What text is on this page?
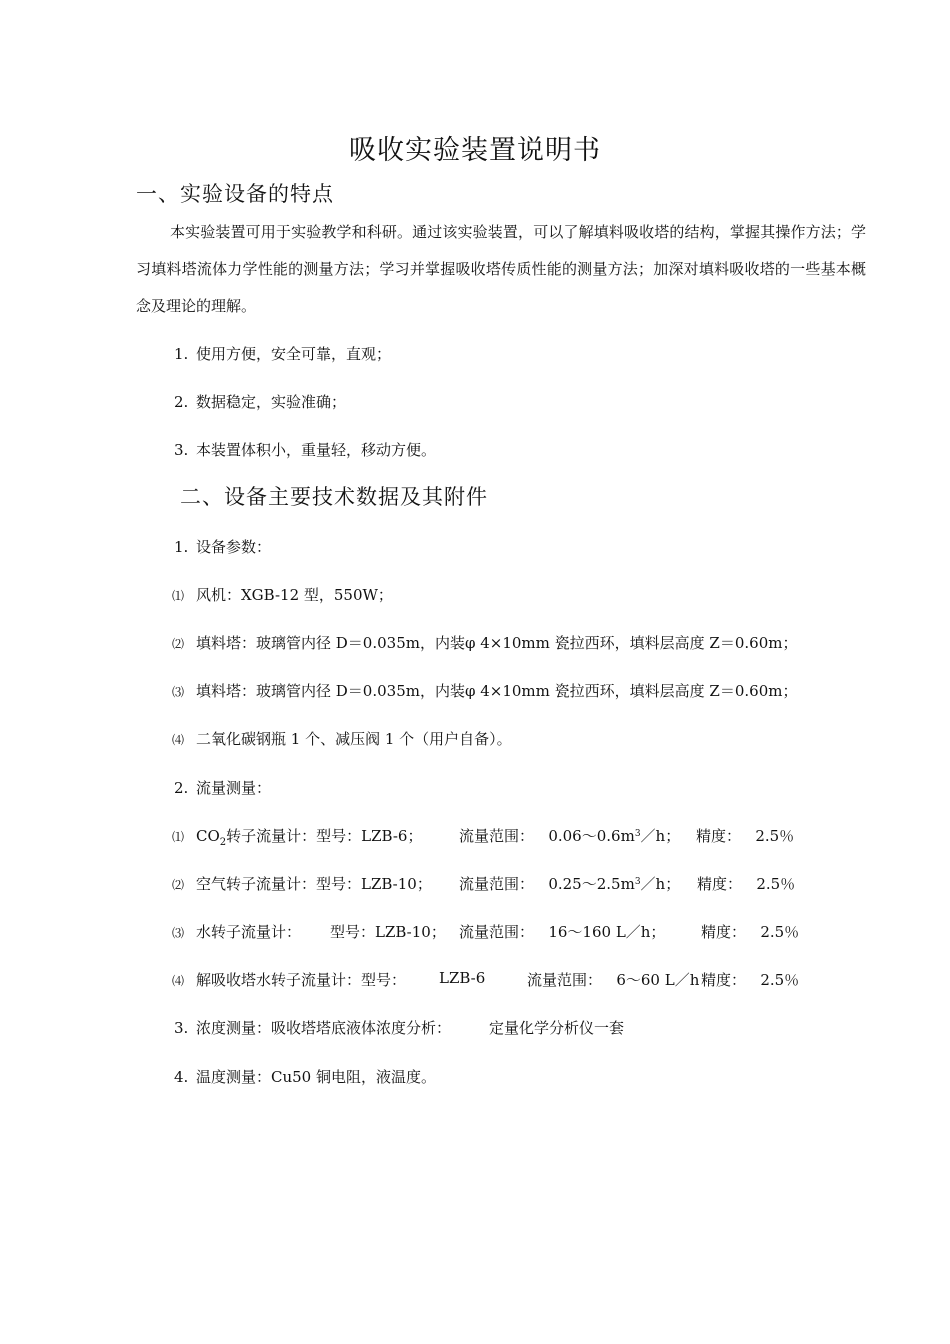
吸收实验装置说明书
一、实验设备的特点
本实验装置可用于实验教学和科研。通过该实验装置，可以了解填料吸收塔的结构，掌握其操作方法；学习填料塔流体力学性能的测量方法；学习并掌握吸收塔传质性能的测量方法；加深对填料吸收塔的一些基本概念及理论的理解。
1. 使用方便，安全可靠，直观；
2. 数据稳定，实验准确；
3. 本装置体积小，重量轻，移动方便。
二、设备主要技术数据及其附件
1. 设备参数：
⑴ 风机：XGB-12 型，550W；
⑵ 填料塔：玻璃管内径 D＝0.035m，内装φ 4×10mm 瓷拉西环，填料层高度 Z＝0.60m；
⑶ 填料塔：玻璃管内径 D＝0.035m，内装φ 4×10mm 瓷拉西环，填料层高度 Z＝0.60m；
⑷ 二氧化碳钢瓶 1 个、减压阀 1 个（用户自备）。
2. 流量测量：
⑴ $CO_2$转子流量计：型号：LZB-6； 流量范围： $0.06\sim 0.6m^3/h$； 精度： 2.5％
⑵ 空气转子流量计：型号：LZB-10； 流量范围： $0.25\sim 2.5m^3/h$； 精度： 2.5％
⑶ 水转子流量计： 型号：LZB-10； 流量范围： 16～160 L／h； 精度： 2.5％
⑷ 解吸收塔水转子流量计：型号： LZB-6	流量范围： 6～60 L／h 精度： 2.5％
3. 浓度测量：吸收塔塔底液体浓度分析：	定量化学分析仪一套
4. 温度测量：Cu50 铜电阻，液温度。
